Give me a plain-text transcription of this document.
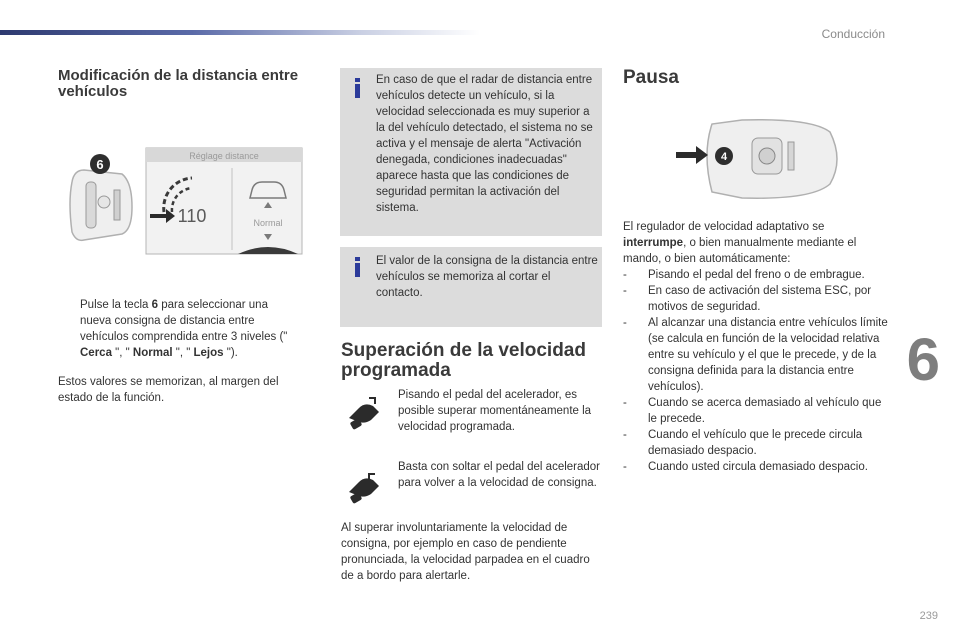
Conducción
6
239
Modificación de la distancia entre vehículos
6
Réglage distance
110	Normal
Pulse la tecla 6 para seleccionar una nueva consigna de distancia entre vehículos comprendida entre 3 niveles (" Cerca ", " Normal ", " Lejos ").
Estos valores se memorizan, al margen del estado de la función.
En caso de que el radar de distancia entre vehículos detecte un vehículo, si la velocidad seleccionada es muy superior a la del vehículo detectado, el sistema no se activa y el mensaje de alerta "Activación denegada, condiciones inadecuadas" aparece hasta que las condiciones de seguridad permitan la activación del sistema.
El valor de la consigna de la distancia entre vehículos se memoriza al cortar el contacto.
Superación de la velocidad programada
Pisando el pedal del acelerador, es posible superar momentáneamente la velocidad programada.
Basta con soltar el pedal del acelerador para volver a la velocidad de consigna.
Al superar involuntariamente la velocidad de consigna, por ejemplo en caso de pendiente pronunciada, la velocidad parpadea en el cuadro de a bordo para alertarle.
Pausa
4
El regulador de velocidad adaptativo se interrumpe, o bien manualmente mediante el mando, o bien automáticamente:
- Pisando el pedal del freno o de embrague.
- En caso de activación del sistema ESC, por motivos de seguridad.
- Al alcanzar una distancia entre vehículos límite (se calcula en función de la velocidad relativa entre su vehículo y el que le precede, y de la consigna definida para la distancia entre vehículos).
- Cuando se acerca demasiado al vehículo que le precede.
- Cuando el vehículo que le precede circula demasiado despacio.
- Cuando usted circula demasiado despacio.
